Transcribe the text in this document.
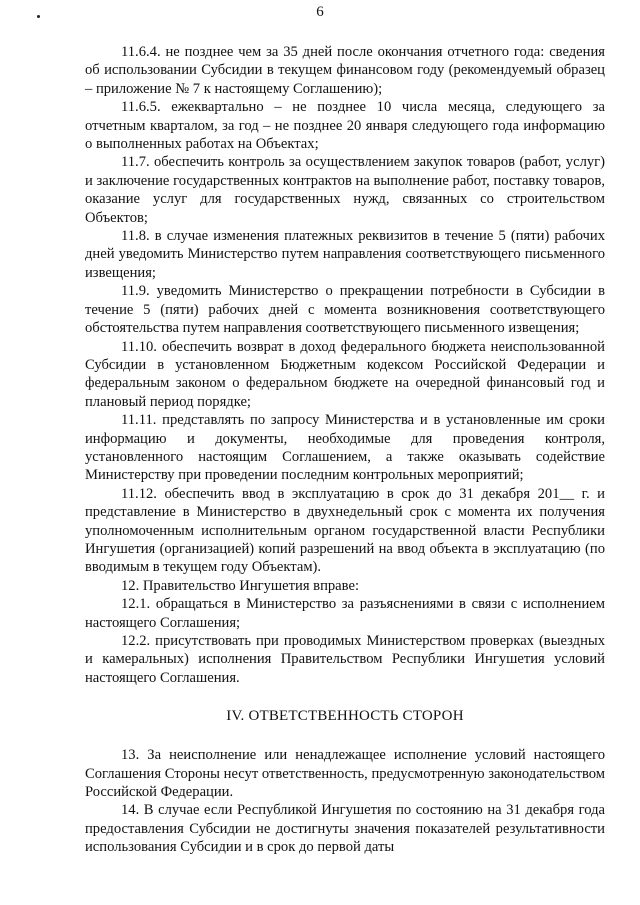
6

11.6.4. не позднее чем за 35 дней после окончания отчетного года: сведения об использовании Субсидии в текущем финансовом году (рекомендуемый образец – приложение № 7 к настоящему Соглашению);

11.6.5. ежеквартально – не позднее 10 числа месяца, следующего за отчетным кварталом, за год – не позднее 20 января следующего года информацию о выполненных работах на Объектах;

11.7. обеспечить контроль за осуществлением закупок товаров (работ, услуг) и заключение государственных контрактов на выполнение работ, поставку товаров, оказание услуг для государственных нужд, связанных со строительством Объектов;

11.8. в случае изменения платежных реквизитов в течение 5 (пяти) рабочих дней уведомить Министерство путем направления соответствующего письменного извещения;

11.9. уведомить Министерство о прекращении потребности в Субсидии в течение 5 (пяти) рабочих дней с момента возникновения соответствующего обстоятельства путем направления соответствующего письменного извещения;

11.10. обеспечить возврат в доход федерального бюджета неиспользованной Субсидии в установленном Бюджетным кодексом Российской Федерации и федеральным законом о федеральном бюджете на очередной финансовый год и плановый период порядке;

11.11. представлять по запросу Министерства и в установленные им сроки информацию и документы, необходимые для проведения контроля, установленного настоящим Соглашением, а также оказывать содействие Министерству при проведении последним контрольных мероприятий;

11.12. обеспечить ввод в эксплуатацию в срок до 31 декабря 201__ г. и представление в Министерство в двухнедельный срок с момента их получения уполномоченным исполнительным органом государственной власти Республики Ингушетия (организацией) копий разрешений на ввод объекта в эксплуатацию (по вводимым в текущем году Объектам).

12. Правительство Ингушетия вправе:

12.1. обращаться в Министерство за разъяснениями в связи с исполнением настоящего Соглашения;

12.2. присутствовать при проводимых Министерством проверках (выездных и камеральных) исполнения Правительством Республики Ингушетия условий настоящего Соглашения.

IV. ОТВЕТСТВЕННОСТЬ СТОРОН

13. За неисполнение или ненадлежащее исполнение условий настоящего Соглашения Стороны несут ответственность, предусмотренную законодательством Российской Федерации.

14. В случае если Республикой Ингушетия по состоянию на 31 декабря года предоставления Субсидии не достигнуты значения показателей результативности использования Субсидии и в срок до первой даты
